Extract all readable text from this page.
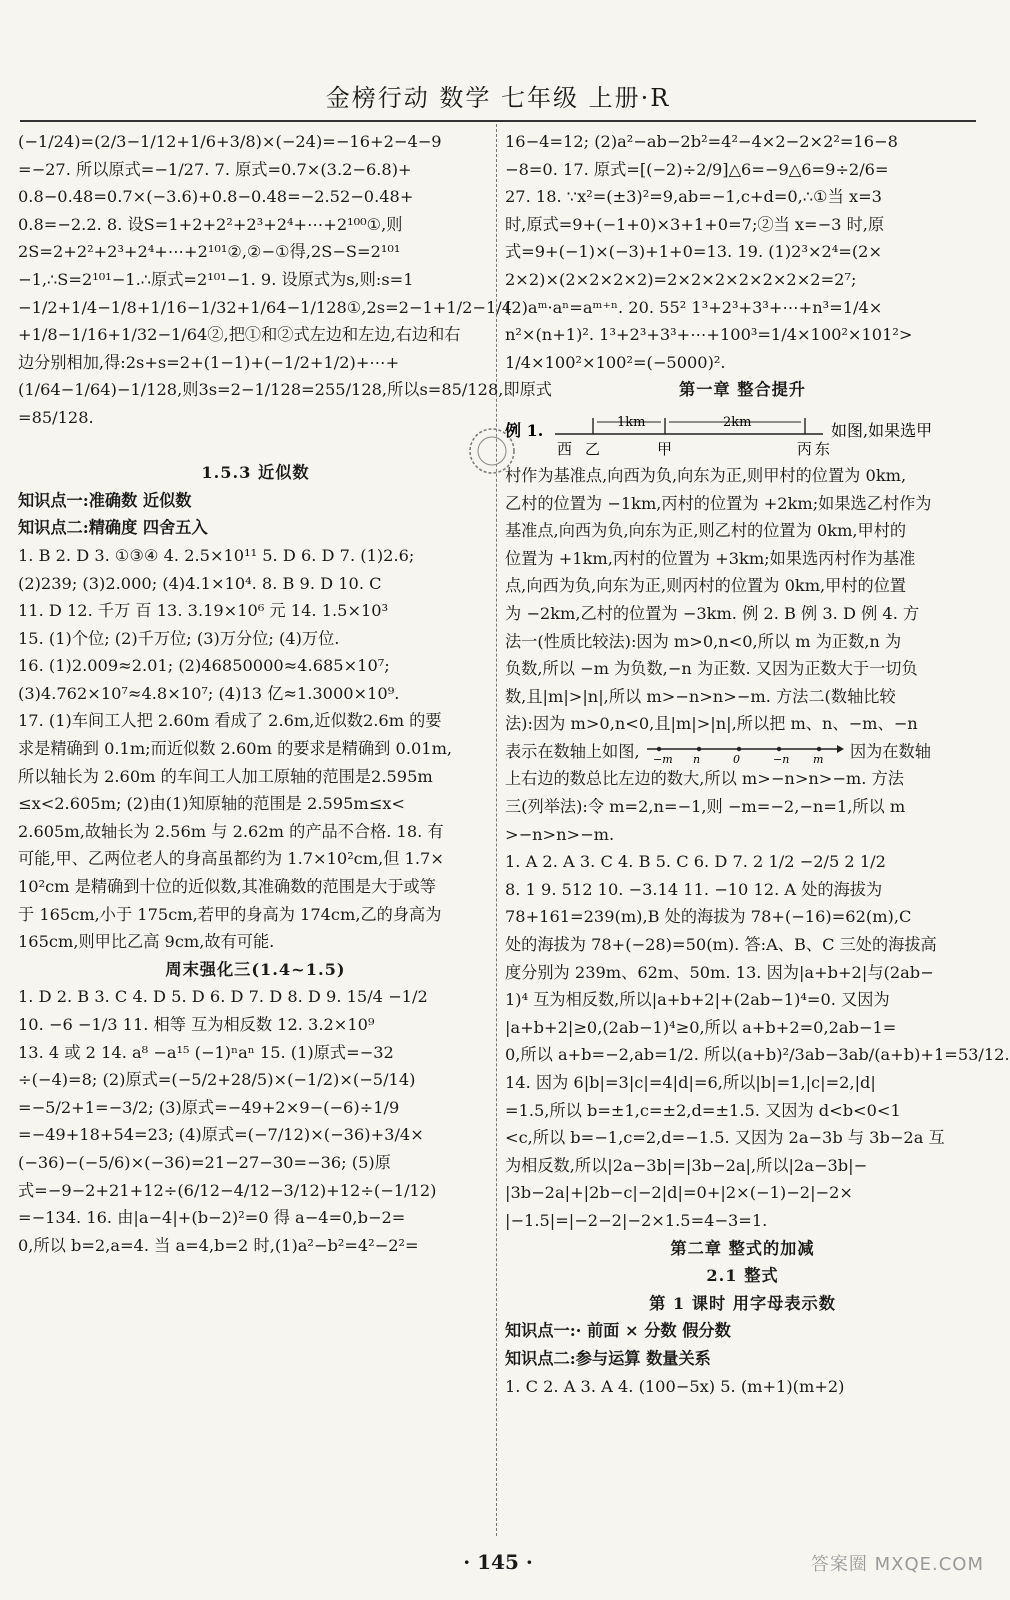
金榜行动 数学 七年级 上册·R
(−1/24)=(2/3−1/12+1/6+3/8)×(−24)=−16+2−4−9
=−27. 所以原式=−1/27. 7. 原式=0.7×(3.2−6.8)+
0.8−0.48=0.7×(−3.6)+0.8−0.48=−2.52−0.48+
0.8=−2.2. 8. 设S=1+2+2²+2³+2⁴+⋯+2¹⁰⁰①,则
2S=2+2²+2³+2⁴+⋯+2¹⁰¹②,②−①得,2S−S=2¹⁰¹
−1,∴S=2¹⁰¹−1.∴原式=2¹⁰¹−1. 9. 设原式为s,则:s=1
−1/2+1/4−1/8+1/16−1/32+1/64−1/128①,2s=2−1+1/2−1/4
+1/8−1/16+1/32−1/64②,把①和②式左边和左边,右边和右
边分别相加,得:2s+s=2+(1−1)+(−1/2+1/2)+⋯+
(1/64−1/64)−1/128,则3s=2−1/128=255/128,所以s=85/128,即原式
=85/128.

1.5.3 近似数
知识点一:准确数 近似数
知识点二:精确度 四舍五入
1. B 2. D 3. ①③④ 4. 2.5×10¹¹ 5. D 6. D 7. (1)2.6;
(2)239; (3)2.000; (4)4.1×10⁴. 8. B 9. D 10. C
11. D 12. 千万 百 13. 3.19×10⁶ 元 14. 1.5×10³
15. (1)个位; (2)千万位; (3)万分位; (4)万位.
16. (1)2.009≈2.01; (2)46850000≈4.685×10⁷;
(3)4.762×10⁷≈4.8×10⁷; (4)13 亿≈1.3000×10⁹.
17. (1)车间工人把 2.60m 看成了 2.6m,近似数2.6m 的要
求是精确到 0.1m;而近似数 2.60m 的要求是精确到 0.01m,
所以轴长为 2.60m 的车间工人加工原轴的范围是2.595m
≤x<2.605m; (2)由(1)知原轴的范围是 2.595m≤x<
2.605m,故轴长为 2.56m 与 2.62m 的产品不合格. 18. 有
可能,甲、乙两位老人的身高虽都约为 1.7×10²cm,但 1.7×
10²cm 是精确到十位的近似数,其准确数的范围是大于或等
于 165cm,小于 175cm,若甲的身高为 174cm,乙的身高为
165cm,则甲比乙高 9cm,故有可能.
周末强化三(1.4~1.5)
1. D 2. B 3. C 4. D 5. D 6. D 7. D 8. D 9. 15/4 −1/2
10. −6 −1/3 11. 相等 互为相反数 12. 3.2×10⁹
13. 4 或 2 14. a⁸ −a¹⁵ (−1)ⁿaⁿ 15. (1)原式=−32
÷(−4)=8; (2)原式=(−5/2+28/5)×(−1/2)×(−5/14)
=−5/2+1=−3/2; (3)原式=−49+2×9−(−6)÷1/9
=−49+18+54=23; (4)原式=(−7/12)×(−36)+3/4×
(−36)−(−5/6)×(−36)=21−27−30=−36; (5)原
式=−9−2+21+12÷(6/12−4/12−3/12)+12÷(−1/12)
=−134. 16. 由|a−4|+(b−2)²=0 得 a−4=0,b−2=
0,所以 b=2,a=4. 当 a=4,b=2 时,(1)a²−b²=4²−2²=
16−4=12; (2)a²−ab−2b²=4²−4×2−2×2²=16−8
−8=0. 17. 原式=[(−2)÷2/9]△6=−9△6=9÷2/6=
27. 18. ∵x²=(±3)²=9,ab=−1,c+d=0,∴①当 x=3
时,原式=9+(−1+0)×3+1+0=7;②当 x=−3 时,原
式=9+(−1)×(−3)+1+0=13. 19. (1)2³×2⁴=(2×
2×2)×(2×2×2×2)=2×2×2×2×2×2×2=2⁷;
(2)aᵐ·aⁿ=aᵐ⁺ⁿ. 20. 55² 1³+2³+3³+⋯+n³=1/4×
n²×(n+1)². 1³+2³+3³+⋯+100³=1/4×100²×101²>
1/4×100²×100²=(−5000)².
第一章 整合提升
例 1.	1km	2km
西 乙	甲	丙 东
如图,如果选甲
村作为基准点,向西为负,向东为正,则甲村的位置为 0km,
乙村的位置为 −1km,丙村的位置为 +2km;如果选乙村作为
基准点,向西为负,向东为正,则乙村的位置为 0km,甲村的
位置为 +1km,丙村的位置为 +3km;如果选丙村作为基准
点,向西为负,向东为正,则丙村的位置为 0km,甲村的位置
为 −2km,乙村的位置为 −3km. 例 2. B 例 3. D 例 4. 方
法一(性质比较法):因为 m>0,n<0,所以 m 为正数,n 为
负数,所以 −m 为负数,−n 为正数. 又因为正数大于一切负
数,且|m|>|n|,所以 m>−n>n>−m. 方法二(数轴比较
法):因为 m>0,n<0,且|m|>|n|,所以把 m、n、−m、−n
表示在数轴上如图, −m n	0	−n m 因为在数轴
上右边的数总比左边的数大,所以 m>−n>n>−m. 方法
三(列举法):令 m=2,n=−1,则 −m=−2,−n=1,所以 m
>−n>n>−m.
1. A 2. A 3. C 4. B 5. C 6. D 7. 2 1/2 −2/5 2 1/2
8. 1 9. 512 10. −3.14 11. −10 12. A 处的海拔为
78+161=239(m),B 处的海拔为 78+(−16)=62(m),C
处的海拔为 78+(−28)=50(m). 答:A、B、C 三处的海拔高
度分别为 239m、62m、50m. 13. 因为|a+b+2|与(2ab−
1)⁴ 互为相反数,所以|a+b+2|+(2ab−1)⁴=0. 又因为
|a+b+2|≥0,(2ab−1)⁴≥0,所以 a+b+2=0,2ab−1=
0,所以 a+b=−2,ab=1/2. 所以(a+b)²/3ab−3ab/(a+b)+1=53/12.
14. 因为 6|b|=3|c|=4|d|=6,所以|b|=1,|c|=2,|d|
=1.5,所以 b=±1,c=±2,d=±1.5. 又因为 d<b<0<1
<c,所以 b=−1,c=2,d=−1.5. 又因为 2a−3b 与 3b−2a 互
为相反数,所以|2a−3b|=|3b−2a|,所以|2a−3b|−
|3b−2a|+|2b−c|−2|d|=0+|2×(−1)−2|−2×
|−1.5|=|−2−2|−2×1.5=4−3=1.
第二章 整式的加减
2.1 整式
第 1 课时 用字母表示数
知识点一:· 前面 × 分数 假分数
知识点二:参与运算 数量关系
1. C 2. A 3. A 4. (100−5x) 5. (m+1)(m+2)
· 145 ·	答案圈 MXQE.COM
